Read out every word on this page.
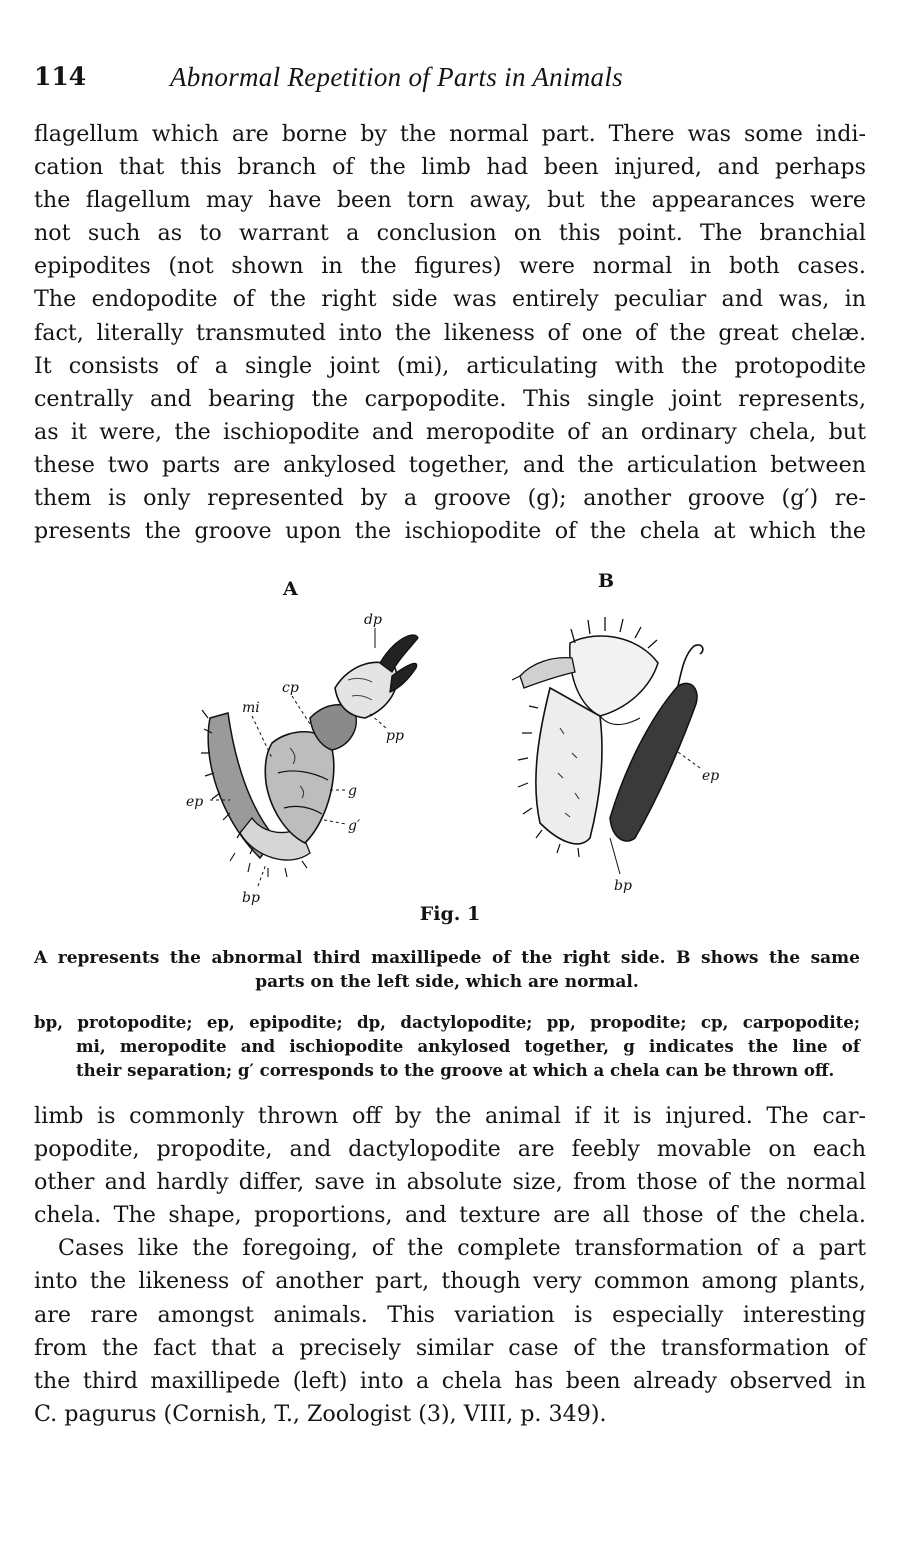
114	Abnormal Repetition of Parts in Animals
flagellum which are borne by the normal part. There was some indi-
cation that this branch of the limb had been injured, and perhaps
the flagellum may have been torn away, but the appearances were
not such as to warrant a conclusion on this point. The branchial
epipodites (not shown in the figures) were normal in both cases.
The endopodite of the right side was entirely peculiar and was, in
fact, literally transmuted into the likeness of one of the great chelæ.
It consists of a single joint (mi), articulating with the protopodite
centrally and bearing the carpopodite. This single joint represents,
as it were, the ischiopodite and meropodite of an ordinary chela, but
these two parts are ankylosed together, and the articulation between
them is only represented by a groove (g); another groove (g′) re-
presents the groove upon the ischiopodite of the chela at which the
dp
cp
mi
pp
g
g′
ep
bp
ep
bp
A	B
Fig. 1
A represents the abnormal third maxillipede of the right side. B shows the same
parts on the left side, which are normal.
bp, protopodite; ep, epipodite; dp, dactylopodite; pp, propodite; cp, carpopodite;
mi, meropodite and ischiopodite ankylosed together, g indicates the line of
their separation; g′ corresponds to the groove at which a chela can be thrown off.
limb is commonly thrown off by the animal if it is injured. The car-
popodite, propodite, and dactylopodite are feebly movable on each
other and hardly differ, save in absolute size, from those of the normal
chela. The shape, proportions, and texture are all those of the chela.
Cases like the foregoing, of the complete transformation of a part
into the likeness of another part, though very common among plants,
are rare amongst animals. This variation is especially interesting
from the fact that a precisely similar case of the transformation of
the third maxillipede (left) into a chela has been already observed in
C. pagurus (Cornish, T., Zoologist (3), VIII, p. 349).
